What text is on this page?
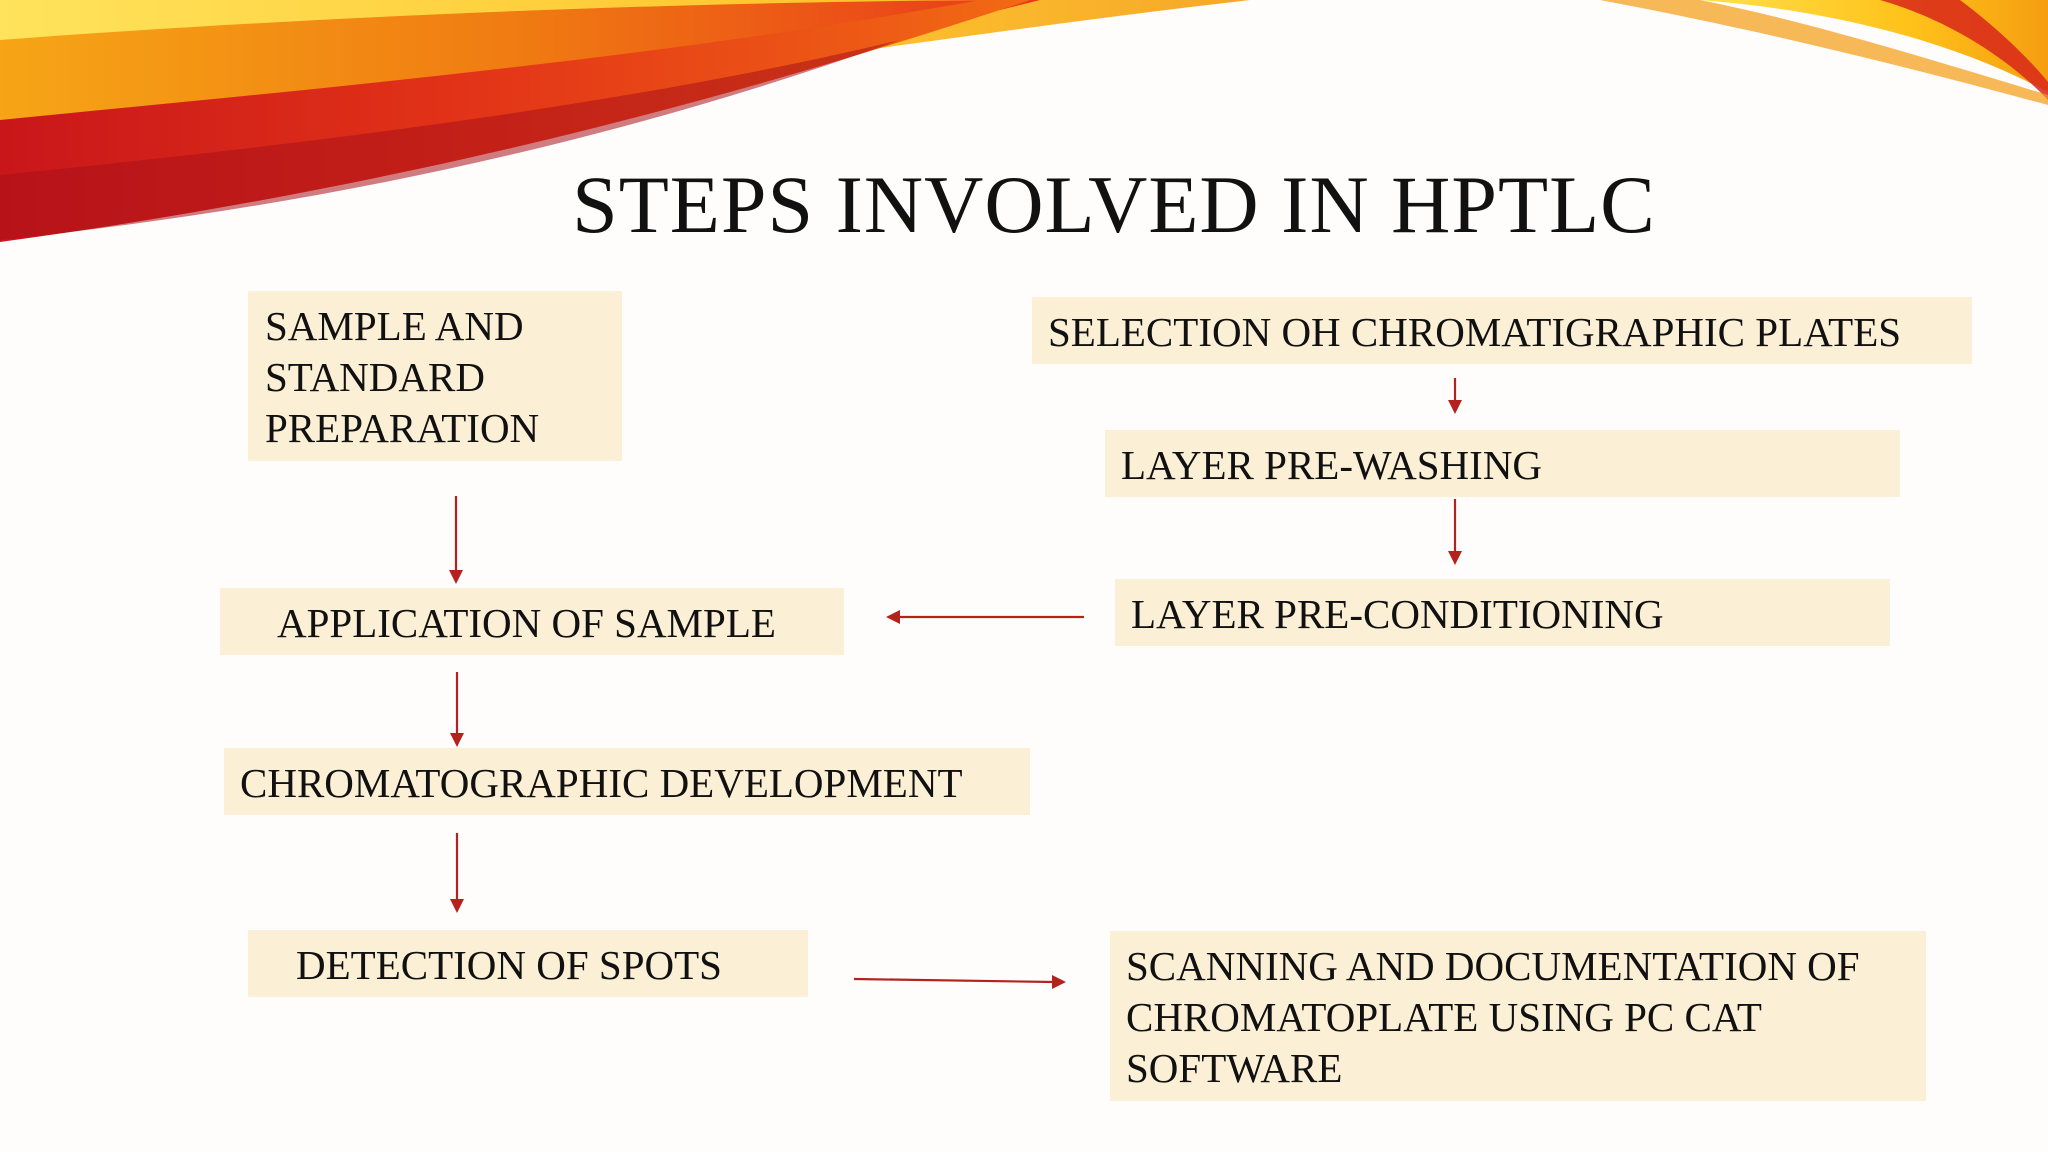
STEPS INVOLVED IN HPTLC
SAMPLE AND
STANDARD
PREPARATION
SELECTION OH CHROMATIGRAPHIC PLATES
LAYER PRE-WASHING
APPLICATION OF SAMPLE	LAYER PRE-CONDITIONING
CHROMATOGRAPHIC DEVELOPMENT
DETECTION OF SPOTS	SCANNING AND DOCUMENTATION OF
CHROMATOPLATE USING PC CAT
SOFTWARE
